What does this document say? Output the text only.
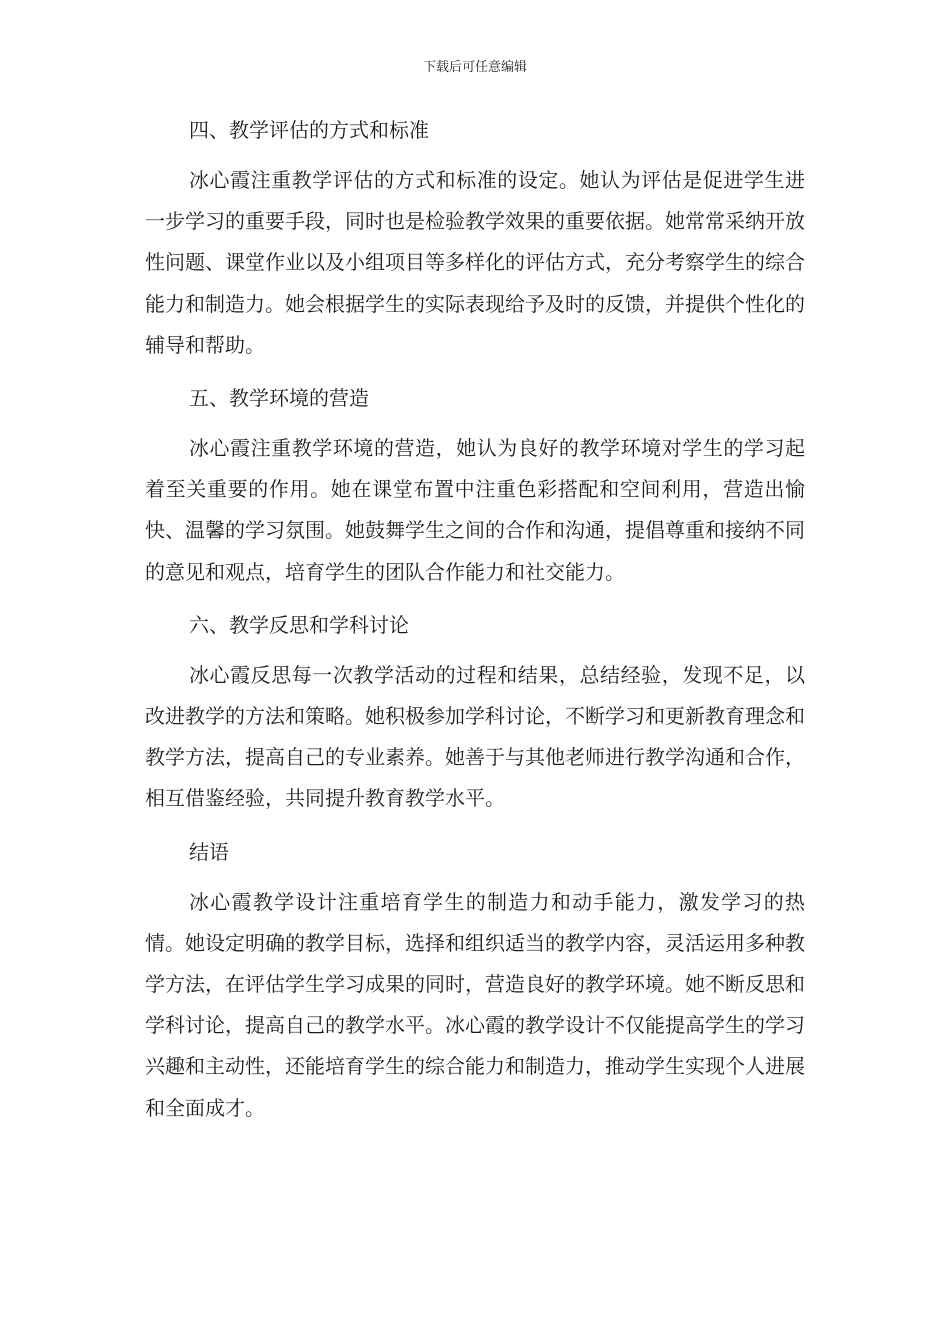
下载后可任意编辑
四、教学评估的方式和标准

冰心霞注重教学评估的方式和标准的设定。她认为评估是促进学生进一步学习的重要手段，同时也是检验教学效果的重要依据。她常常采纳开放性问题、课堂作业以及小组项目等多样化的评估方式，充分考察学生的综合能力和制造力。她会根据学生的实际表现给予及时的反馈，并提供个性化的辅导和帮助。

五、教学环境的营造

冰心霞注重教学环境的营造，她认为良好的教学环境对学生的学习起着至关重要的作用。她在课堂布置中注重色彩搭配和空间利用，营造出愉快、温馨的学习氛围。她鼓舞学生之间的合作和沟通，提倡尊重和接纳不同的意见和观点，培育学生的团队合作能力和社交能力。

六、教学反思和学科讨论

冰心霞反思每一次教学活动的过程和结果，总结经验，发现不足，以改进教学的方法和策略。她积极参加学科讨论，不断学习和更新教育理念和教学方法，提高自己的专业素养。她善于与其他老师进行教学沟通和合作，相互借鉴经验，共同提升教育教学水平。

结语

冰心霞教学设计注重培育学生的制造力和动手能力，激发学习的热情。她设定明确的教学目标，选择和组织适当的教学内容，灵活运用多种教学方法，在评估学生学习成果的同时，营造良好的教学环境。她不断反思和学科讨论，提高自己的教学水平。冰心霞的教学设计不仅能提高学生的学习兴趣和主动性，还能培育学生的综合能力和制造力，推动学生实现个人进展和全面成才。
